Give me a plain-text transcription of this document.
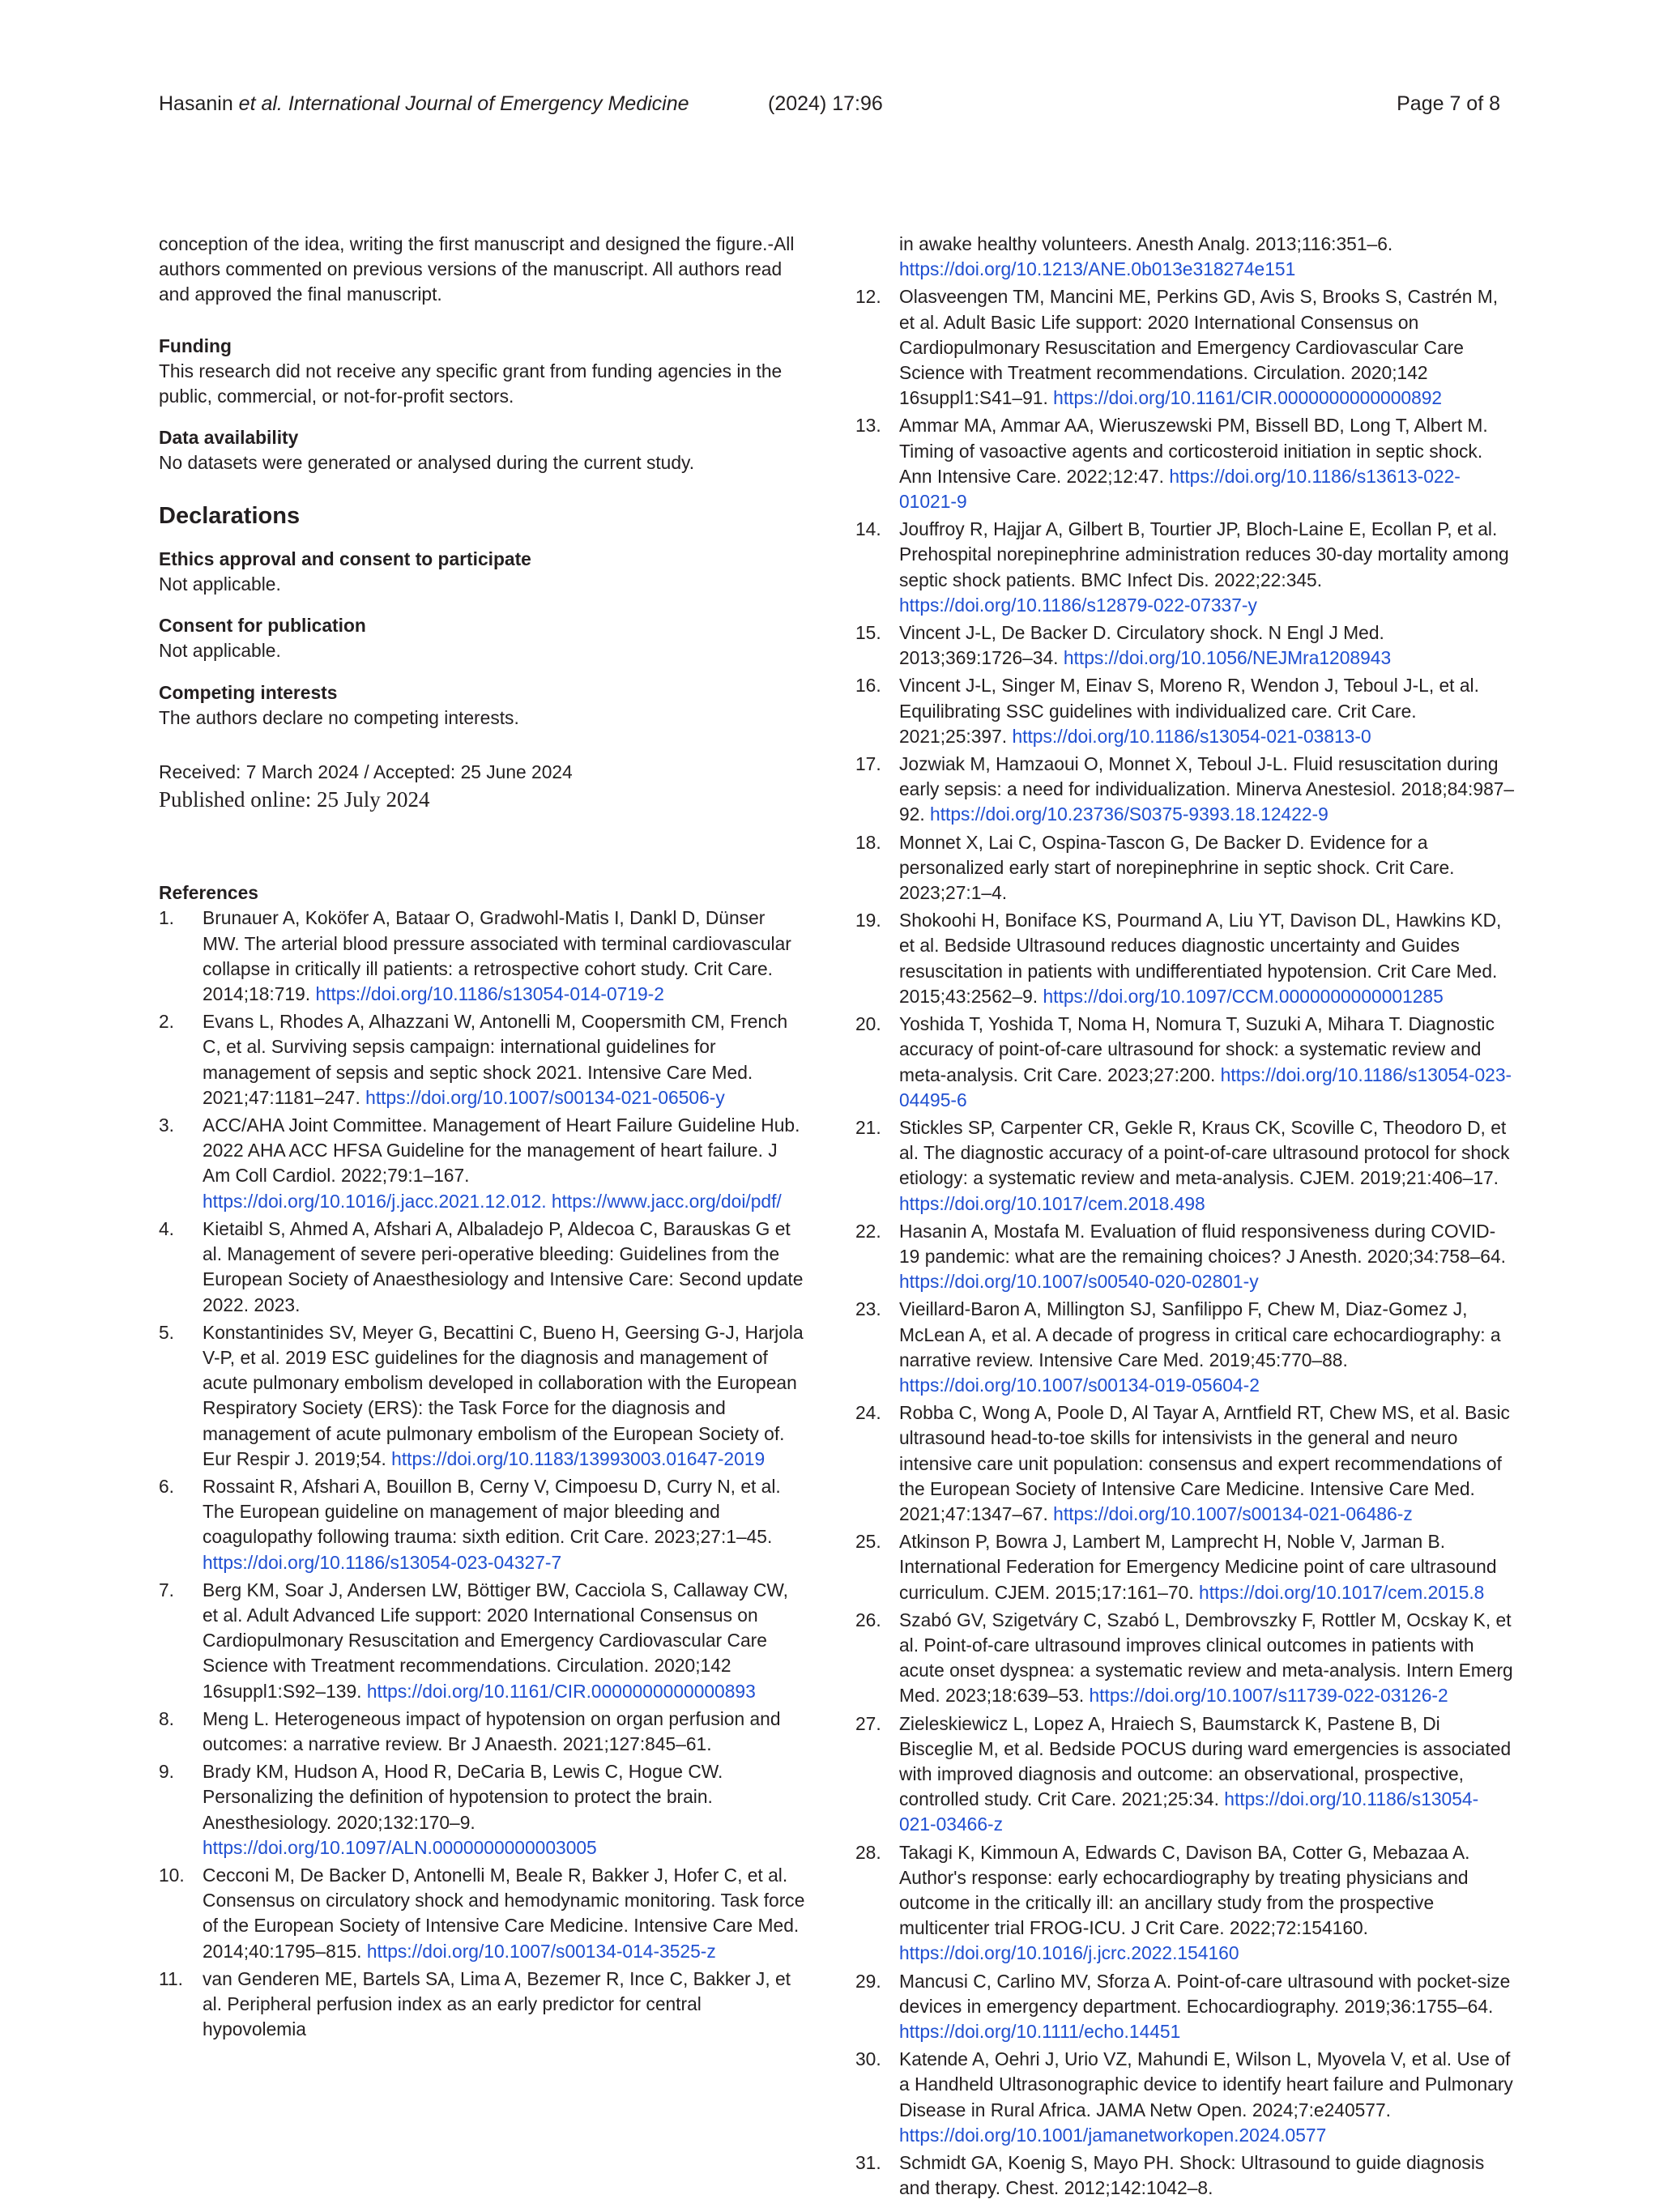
Hasanin et al. International Journal of Emergency Medicine	(2024) 17:96	Page 7 of 8

conception of the idea, writing the first manuscript and designed the figure.-All authors commented on previous versions of the manuscript. All authors read and approved the final manuscript.

Funding

This research did not receive any specific grant from funding agencies in the public, commercial, or not-for-profit sectors.

Data availability

No datasets were generated or analysed during the current study.

Declarations

Ethics approval and consent to participate

Not applicable.

Consent for publication

Not applicable.

Competing interests

The authors declare no competing interests.

Received: 7 March 2024 / Accepted: 25 June 2024

Published online: 25 July 2024

References

1. Brunauer A, Koköfer A, Bataar O, Gradwohl-Matis I, Dankl D, Dünser MW. The arterial blood pressure associated with terminal cardiovascular collapse in critically ill patients: a retrospective cohort study. Crit Care. 2014;18:719. https://doi.org/10.1186/s13054-014-0719-2
2. Evans L, Rhodes A, Alhazzani W, Antonelli M, Coopersmith CM, French C, et al. Surviving sepsis campaign: international guidelines for management of sepsis and septic shock 2021. Intensive Care Med. 2021;47:1181–247. https://doi.org/10.1007/s00134-021-06506-y
3. ACC/AHA Joint Committee. Management of Heart Failure Guideline Hub. 2022 AHA ACC HFSA Guideline for the management of heart failure. J Am Coll Cardiol. 2022;79:1–167. https://doi.org/10.1016/j.jacc.2021.12.012. https://www.jacc.org/doi/pdf/
4. Kietaibl S, Ahmed A, Afshari A, Albaladejo P, Aldecoa C, Barauskas G et al. Management of severe peri-operative bleeding: Guidelines from the European Society of Anaesthesiology and Intensive Care: Second update 2022. 2023.
5. Konstantinides SV, Meyer G, Becattini C, Bueno H, Geersing G-J, Harjola V-P, et al. 2019 ESC guidelines for the diagnosis and management of acute pulmonary embolism developed in collaboration with the European Respiratory Society (ERS): the Task Force for the diagnosis and management of acute pulmonary embolism of the European Society of. Eur Respir J. 2019;54. https://doi.org/10.1183/13993003.01647-2019
6. Rossaint R, Afshari A, Bouillon B, Cerny V, Cimpoesu D, Curry N, et al. The European guideline on management of major bleeding and coagulopathy following trauma: sixth edition. Crit Care. 2023;27:1–45. https://doi.org/10.1186/s13054-023-04327-7
7. Berg KM, Soar J, Andersen LW, Böttiger BW, Cacciola S, Callaway CW, et al. Adult Advanced Life support: 2020 International Consensus on Cardiopulmonary Resuscitation and Emergency Cardiovascular Care Science with Treatment recommendations. Circulation. 2020;142 16suppl1:S92–139. https://doi.org/10.1161/CIR.0000000000000893
8. Meng L. Heterogeneous impact of hypotension on organ perfusion and outcomes: a narrative review. Br J Anaesth. 2021;127:845–61.
9. Brady KM, Hudson A, Hood R, DeCaria B, Lewis C, Hogue CW. Personalizing the definition of hypotension to protect the brain. Anesthesiology. 2020;132:170–9. https://doi.org/10.1097/ALN.0000000000003005
10. Cecconi M, De Backer D, Antonelli M, Beale R, Bakker J, Hofer C, et al. Consensus on circulatory shock and hemodynamic monitoring. Task force of the European Society of Intensive Care Medicine. Intensive Care Med. 2014;40:1795–815. https://doi.org/10.1007/s00134-014-3525-z
11. van Genderen ME, Bartels SA, Lima A, Bezemer R, Ince C, Bakker J, et al. Peripheral perfusion index as an early predictor for central hypovolemia

in awake healthy volunteers. Anesth Analg. 2013;116:351–6. https://doi.org/10.1213/ANE.0b013e318274e151

12. Olasveengen TM, Mancini ME, Perkins GD, Avis S, Brooks S, Castrén M, et al. Adult Basic Life support: 2020 International Consensus on Cardiopulmonary Resuscitation and Emergency Cardiovascular Care Science with Treatment recommendations. Circulation. 2020;142 16suppl1:S41–91. https://doi.org/10.1161/CIR.0000000000000892
13. Ammar MA, Ammar AA, Wieruszewski PM, Bissell BD, Long T, Albert M. Timing of vasoactive agents and corticosteroid initiation in septic shock. Ann Intensive Care. 2022;12:47. https://doi.org/10.1186/s13613-022-01021-9
14. Jouffroy R, Hajjar A, Gilbert B, Tourtier JP, Bloch-Laine E, Ecollan P, et al. Prehospital norepinephrine administration reduces 30-day mortality among septic shock patients. BMC Infect Dis. 2022;22:345. https://doi.org/10.1186/s12879-022-07337-y
15. Vincent J-L, De Backer D. Circulatory shock. N Engl J Med. 2013;369:1726–34. https://doi.org/10.1056/NEJMra1208943
16. Vincent J-L, Singer M, Einav S, Moreno R, Wendon J, Teboul J-L, et al. Equilibrating SSC guidelines with individualized care. Crit Care. 2021;25:397. https://doi.org/10.1186/s13054-021-03813-0
17. Jozwiak M, Hamzaoui O, Monnet X, Teboul J-L. Fluid resuscitation during early sepsis: a need for individualization. Minerva Anestesiol. 2018;84:987–92. https://doi.org/10.23736/S0375-9393.18.12422-9
18. Monnet X, Lai C, Ospina-Tascon G, De Backer D. Evidence for a personalized early start of norepinephrine in septic shock. Crit Care. 2023;27:1–4.
19. Shokoohi H, Boniface KS, Pourmand A, Liu YT, Davison DL, Hawkins KD, et al. Bedside Ultrasound reduces diagnostic uncertainty and Guides resuscitation in patients with undifferentiated hypotension. Crit Care Med. 2015;43:2562–9. https://doi.org/10.1097/CCM.0000000000001285
20. Yoshida T, Yoshida T, Noma H, Nomura T, Suzuki A, Mihara T. Diagnostic accuracy of point-of-care ultrasound for shock: a systematic review and meta-analysis. Crit Care. 2023;27:200. https://doi.org/10.1186/s13054-023-04495-6
21. Stickles SP, Carpenter CR, Gekle R, Kraus CK, Scoville C, Theodoro D, et al. The diagnostic accuracy of a point-of-care ultrasound protocol for shock etiology: a systematic review and meta-analysis. CJEM. 2019;21:406–17. https://doi.org/10.1017/cem.2018.498
22. Hasanin A, Mostafa M. Evaluation of fluid responsiveness during COVID-19 pandemic: what are the remaining choices? J Anesth. 2020;34:758–64. https://doi.org/10.1007/s00540-020-02801-y
23. Vieillard-Baron A, Millington SJ, Sanfilippo F, Chew M, Diaz-Gomez J, McLean A, et al. A decade of progress in critical care echocardiography: a narrative review. Intensive Care Med. 2019;45:770–88. https://doi.org/10.1007/s00134-019-05604-2
24. Robba C, Wong A, Poole D, Al Tayar A, Arntfield RT, Chew MS, et al. Basic ultrasound head-to-toe skills for intensivists in the general and neuro intensive care unit population: consensus and expert recommendations of the European Society of Intensive Care Medicine. Intensive Care Med. 2021;47:1347–67. https://doi.org/10.1007/s00134-021-06486-z
25. Atkinson P, Bowra J, Lambert M, Lamprecht H, Noble V, Jarman B. International Federation for Emergency Medicine point of care ultrasound curriculum. CJEM. 2015;17:161–70. https://doi.org/10.1017/cem.2015.8
26. Szabó GV, Szigetváry C, Szabó L, Dembrovszky F, Rottler M, Ocskay K, et al. Point-of-care ultrasound improves clinical outcomes in patients with acute onset dyspnea: a systematic review and meta-analysis. Intern Emerg Med. 2023;18:639–53. https://doi.org/10.1007/s11739-022-03126-2
27. Zieleskiewicz L, Lopez A, Hraiech S, Baumstarck K, Pastene B, Di Bisceglie M, et al. Bedside POCUS during ward emergencies is associated with improved diagnosis and outcome: an observational, prospective, controlled study. Crit Care. 2021;25:34. https://doi.org/10.1186/s13054-021-03466-z
28. Takagi K, Kimmoun A, Edwards C, Davison BA, Cotter G, Mebazaa A. Author's response: early echocardiography by treating physicians and outcome in the critically ill: an ancillary study from the prospective multicenter trial FROG-ICU. J Crit Care. 2022;72:154160. https://doi.org/10.1016/j.jcrc.2022.154160
29. Mancusi C, Carlino MV, Sforza A. Point-of-care ultrasound with pocket-size devices in emergency department. Echocardiography. 2019;36:1755–64. https://doi.org/10.1111/echo.14451
30. Katende A, Oehri J, Urio VZ, Mahundi E, Wilson L, Myovela V, et al. Use of a Handheld Ultrasonographic device to identify heart failure and Pulmonary Disease in Rural Africa. JAMA Netw Open. 2024;7:e240577. https://doi.org/10.1001/jamanetworkopen.2024.0577
31. Schmidt GA, Koenig S, Mayo PH. Shock: Ultrasound to guide diagnosis and therapy. Chest. 2012;142:1042–8.
